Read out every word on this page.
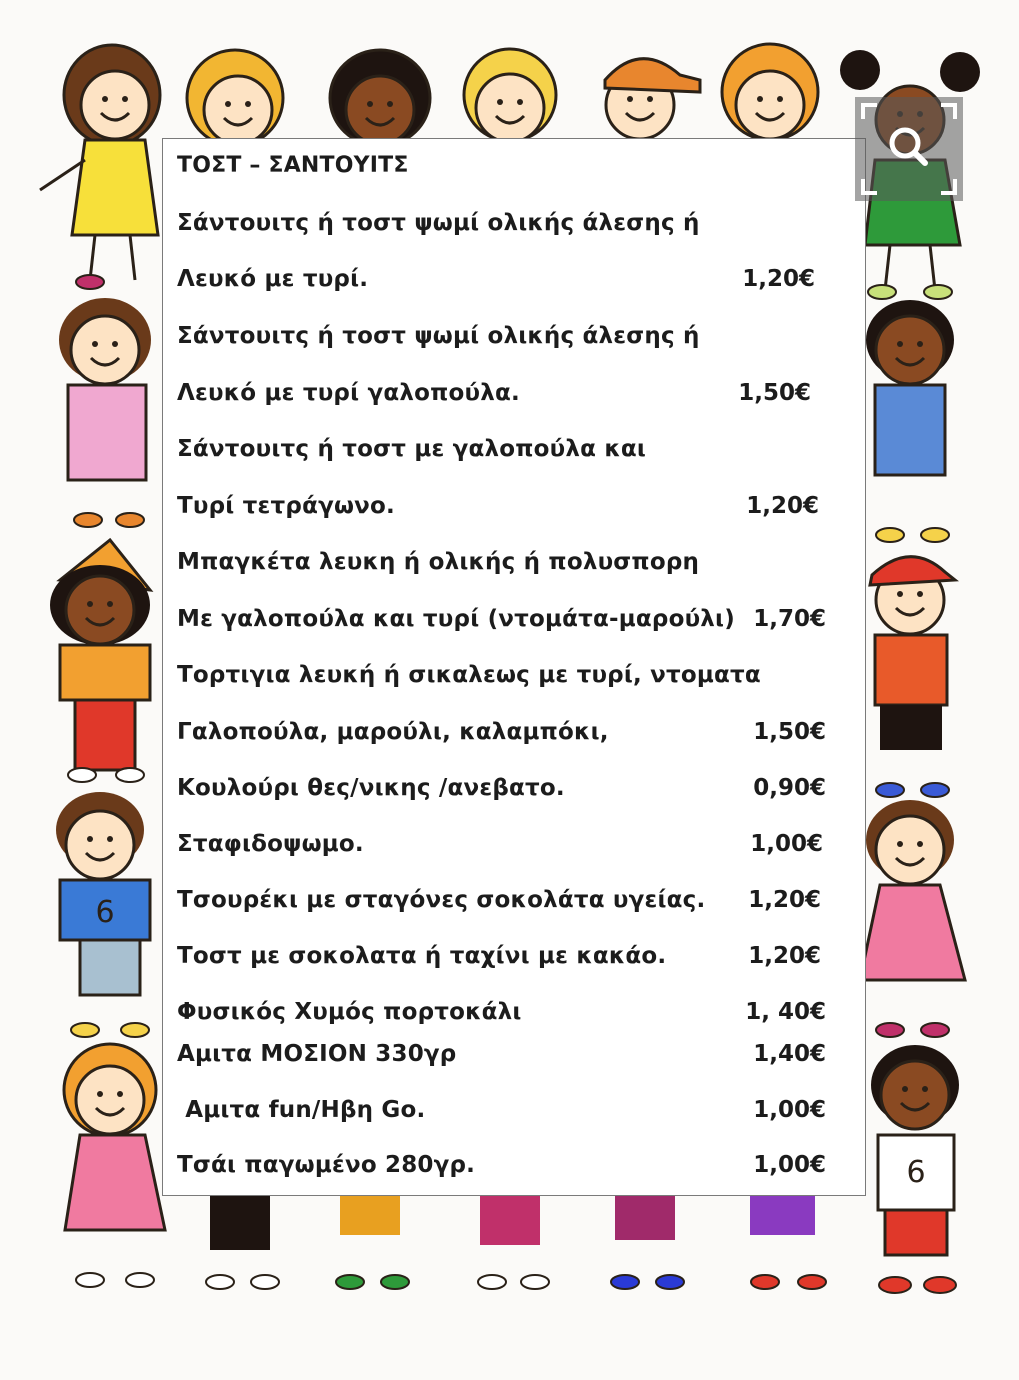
6
6
ΤΟΣΤ – ΣΑΝΤΟΥΙΤΣ
Σάντουιτς ή τοστ ψωμί ολικής άλεσης ή
Λευκό με τυρί.	1,20€
Σάντουιτς ή τοστ ψωμί ολικής άλεσης ή
Λευκό με τυρί γαλοπούλα.	1,50€
Σάντουιτς ή τοστ με γαλοπούλα και
Τυρί τετράγωνο.	1,20€
Μπαγκέτα λευκη ή ολικής ή πολυσπορη
Με γαλοπούλα και τυρί (ντομάτα-μαρούλι) 1,70€
Τορτιγια λευκή ή σικαλεως με τυρί, ντοματα
Γαλοπούλα, μαρούλι, καλαμπόκι,	1,50€
Κουλούρι θες/νικης /ανεβατο.	0,90€
Σταφιδοψωμο.	1,00€
Τσουρέκι με σταγόνες σοκολάτα υγείας.	1,20€
Τοστ με σοκολατα ή ταχίνι με κακάο.	1,20€
Φυσικός Χυμός πορτοκάλι	1, 40€
Αμιτα ΜΟΣΙΟΝ 330γρ	1,40€
Αμιτα fun/Ηβη Go.	1,00€
Τσάι παγωμένο 280γρ.	1,00€
